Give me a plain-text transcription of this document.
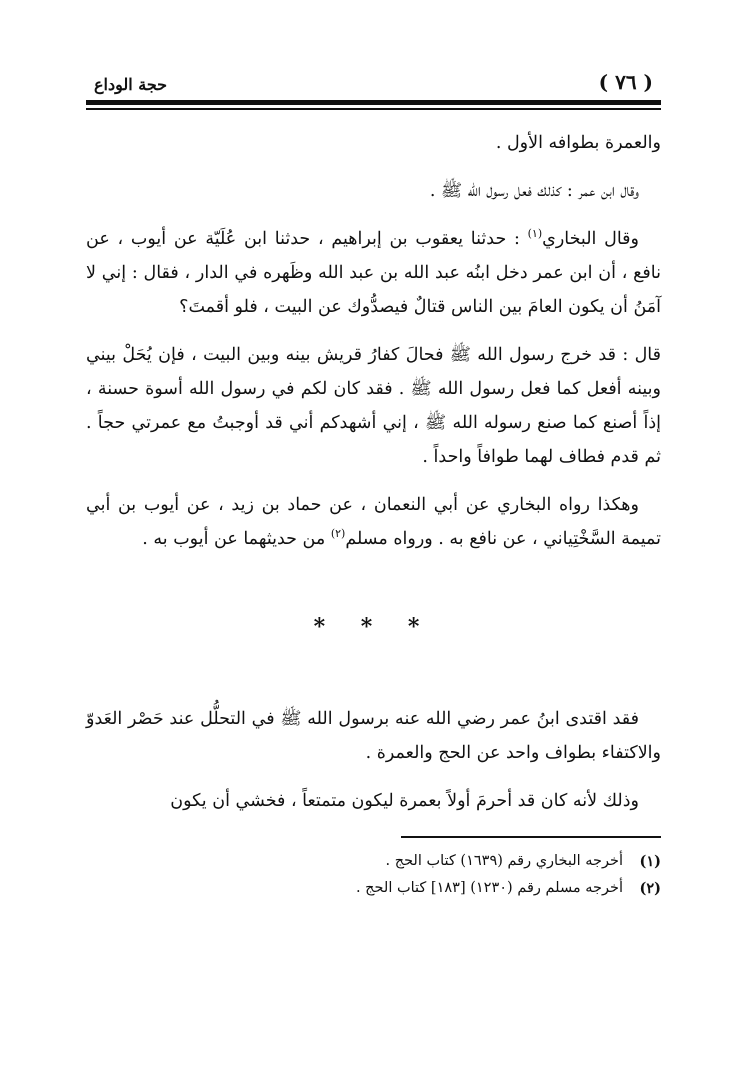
( ٧٦ )
حجة الوداع

والعمرة بطوافه الأول .

وقال ابن عمر : كذلك فعل رسول الله ﷺ .

وقال البخاري$^{(١)}$ : حدثنا يعقوب بن إبراهيم ، حدثنا ابن عُلَيّة عن أيوب ، عن نافع ، أن ابن عمر دخل ابنُه عبد الله بن عبد الله وظَهره في الدار ، فقال : إني لا آمَنُ أن يكون العامَ بين الناس قتالٌ فيصدُّوك عن البيت ، فلو أقمتَ؟

قال : قد خرج رسول الله ﷺ فحالَ كفارُ قريش بينه وبين البيت ، فإن يُحَلْ بيني وبينه أفعل كما فعل رسول الله ﷺ . فقد كان لكم في رسول الله أسوة حسنة ، إذاً أصنع كما صنع رسوله الله ﷺ ، إني أشهدكم أني قد أوجبتُ مع عمرتي حجاً . ثم قدم فطاف لهما طوافاً واحداً .

وهكذا رواه البخاري عن أبي النعمان ، عن حماد بن زيد ، عن أيوب بن أبي تميمة السَّخْتِياني ، عن نافع به . ورواه مسلم$^{(٢)}$ من حديثهما عن أيوب به .

* * *

فقد اقتدى ابنُ عمر رضي الله عنه برسول الله ﷺ في التحلُّل عند حَصْر العَدوّ والاكتفاء بطواف واحد عن الحج والعمرة .

وذلك لأنه كان قد أحرمَ أولاً بعمرة ليكون متمتعاً ، فخشي أن يكون

(١)
أخرجه البخاري رقم (١٦٣٩) كتاب الحج .
(٢)
أخرجه مسلم رقم (١٢٣٠) [١٨٣] كتاب الحج .
